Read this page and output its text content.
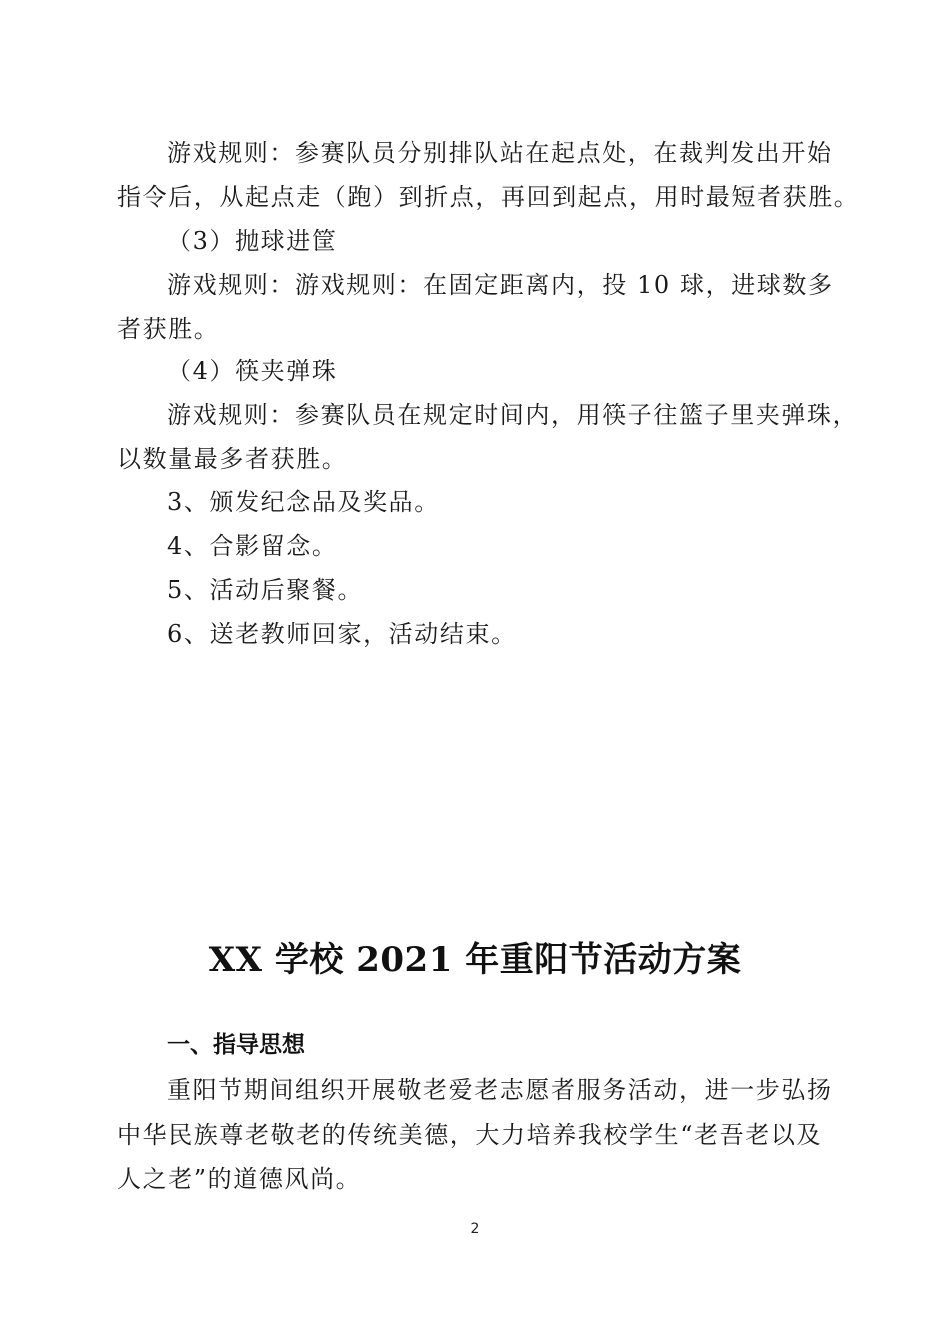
游戏规则：参赛队员分别排队站在起点处，在裁判发出开始
指令后，从起点走（跑）到折点，再回到起点，用时最短者获胜。
（3）抛球进筐
游戏规则：游戏规则：在固定距离内，投 10 球，进球数多
者获胜。
（4）筷夹弹珠
游戏规则：参赛队员在规定时间内，用筷子往篮子里夹弹珠，
以数量最多者获胜。
3、颁发纪念品及奖品。
4、合影留念。
5、活动后聚餐。
6、送老教师回家，活动结束。
XX 学校 2021 年重阳节活动方案
一、指导思想
重阳节期间组织开展敬老爱老志愿者服务活动，进一步弘扬
中华民族尊老敬老的传统美德，大力培养我校学生“老吾老以及
人之老”的道德风尚。
2
